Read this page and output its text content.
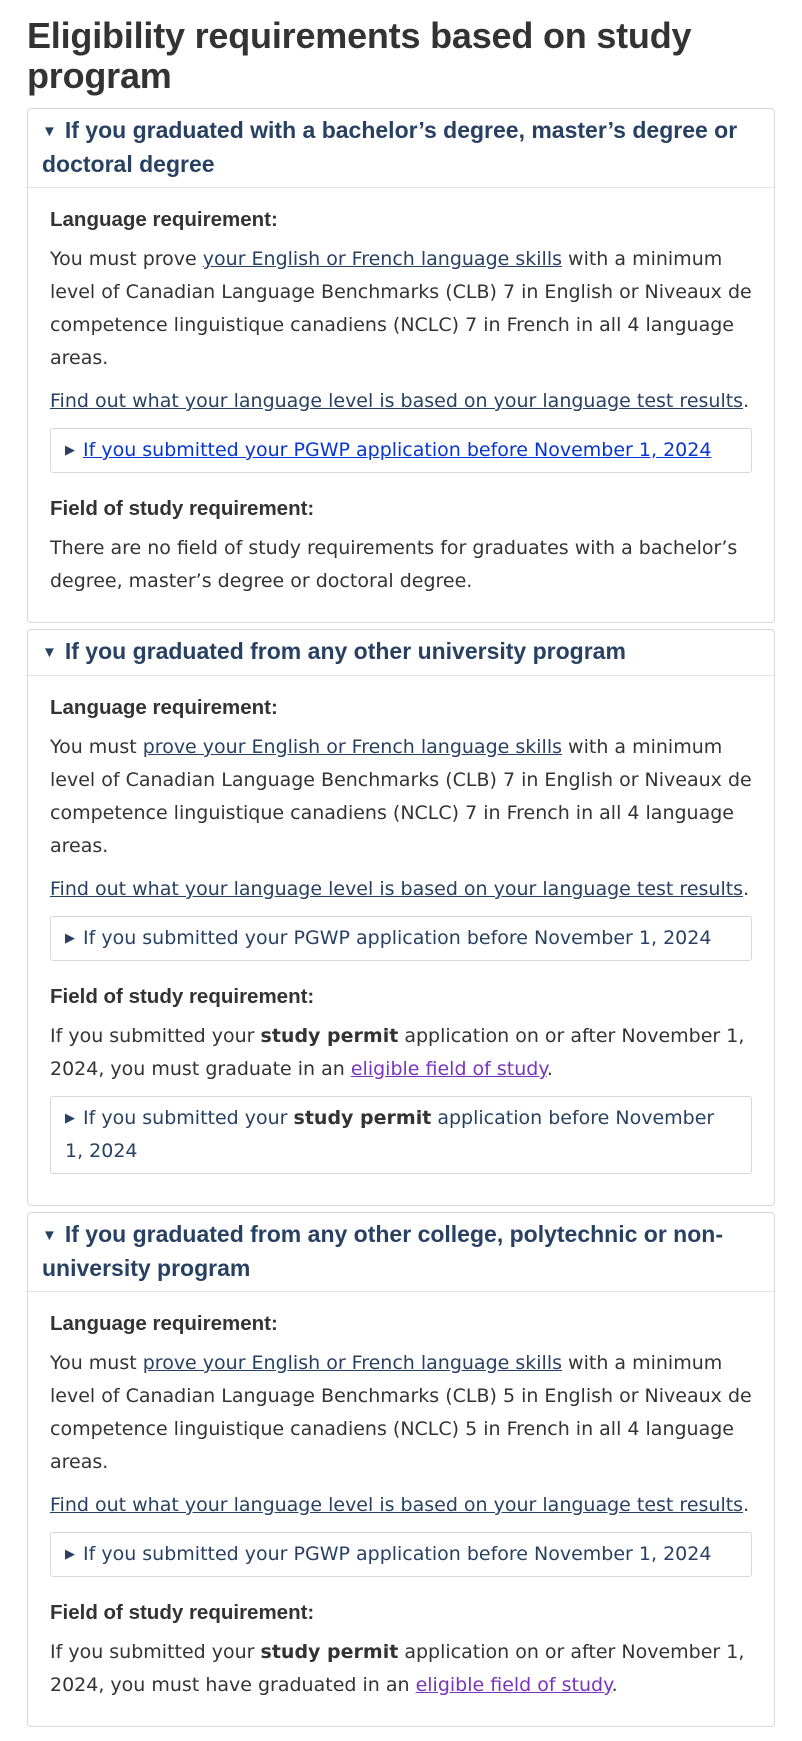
Eligibility requirements based on study program
▼ If you graduated with a bachelor’s degree, master’s degree or doctoral degree
Language requirement:

You must prove your English or French language skills with a minimum level of Canadian Language Benchmarks (CLB) 7 in English or Niveaux de competence linguistique canadiens (NCLC) 7 in French in all 4 language areas.

Find out what your language level is based on your language test results.

▶ If you submitted your PGWP application before November 1, 2024
Field of study requirement:

There are no field of study requirements for graduates with a bachelor’s degree, master’s degree or doctoral degree.

▼ If you graduated from any other university program
Language requirement:

You must prove your English or French language skills with a minimum level of Canadian Language Benchmarks (CLB) 7 in English or Niveaux de competence linguistique canadiens (NCLC) 7 in French in all 4 language areas.

Find out what your language level is based on your language test results.

▶ If you submitted your PGWP application before November 1, 2024
Field of study requirement:

If you submitted your study permit application on or after November 1, 2024, you must graduate in an eligible field of study.

▶ If you submitted your study permit application before November 1, 2024
▼ If you graduated from any other college, polytechnic or non-university program
Language requirement:

You must prove your English or French language skills with a minimum level of Canadian Language Benchmarks (CLB) 5 in English or Niveaux de competence linguistique canadiens (NCLC) 5 in French in all 4 language areas.

Find out what your language level is based on your language test results.

▶ If you submitted your PGWP application before November 1, 2024
Field of study requirement:

If you submitted your study permit application on or after November 1, 2024, you must have graduated in an eligible field of study.
